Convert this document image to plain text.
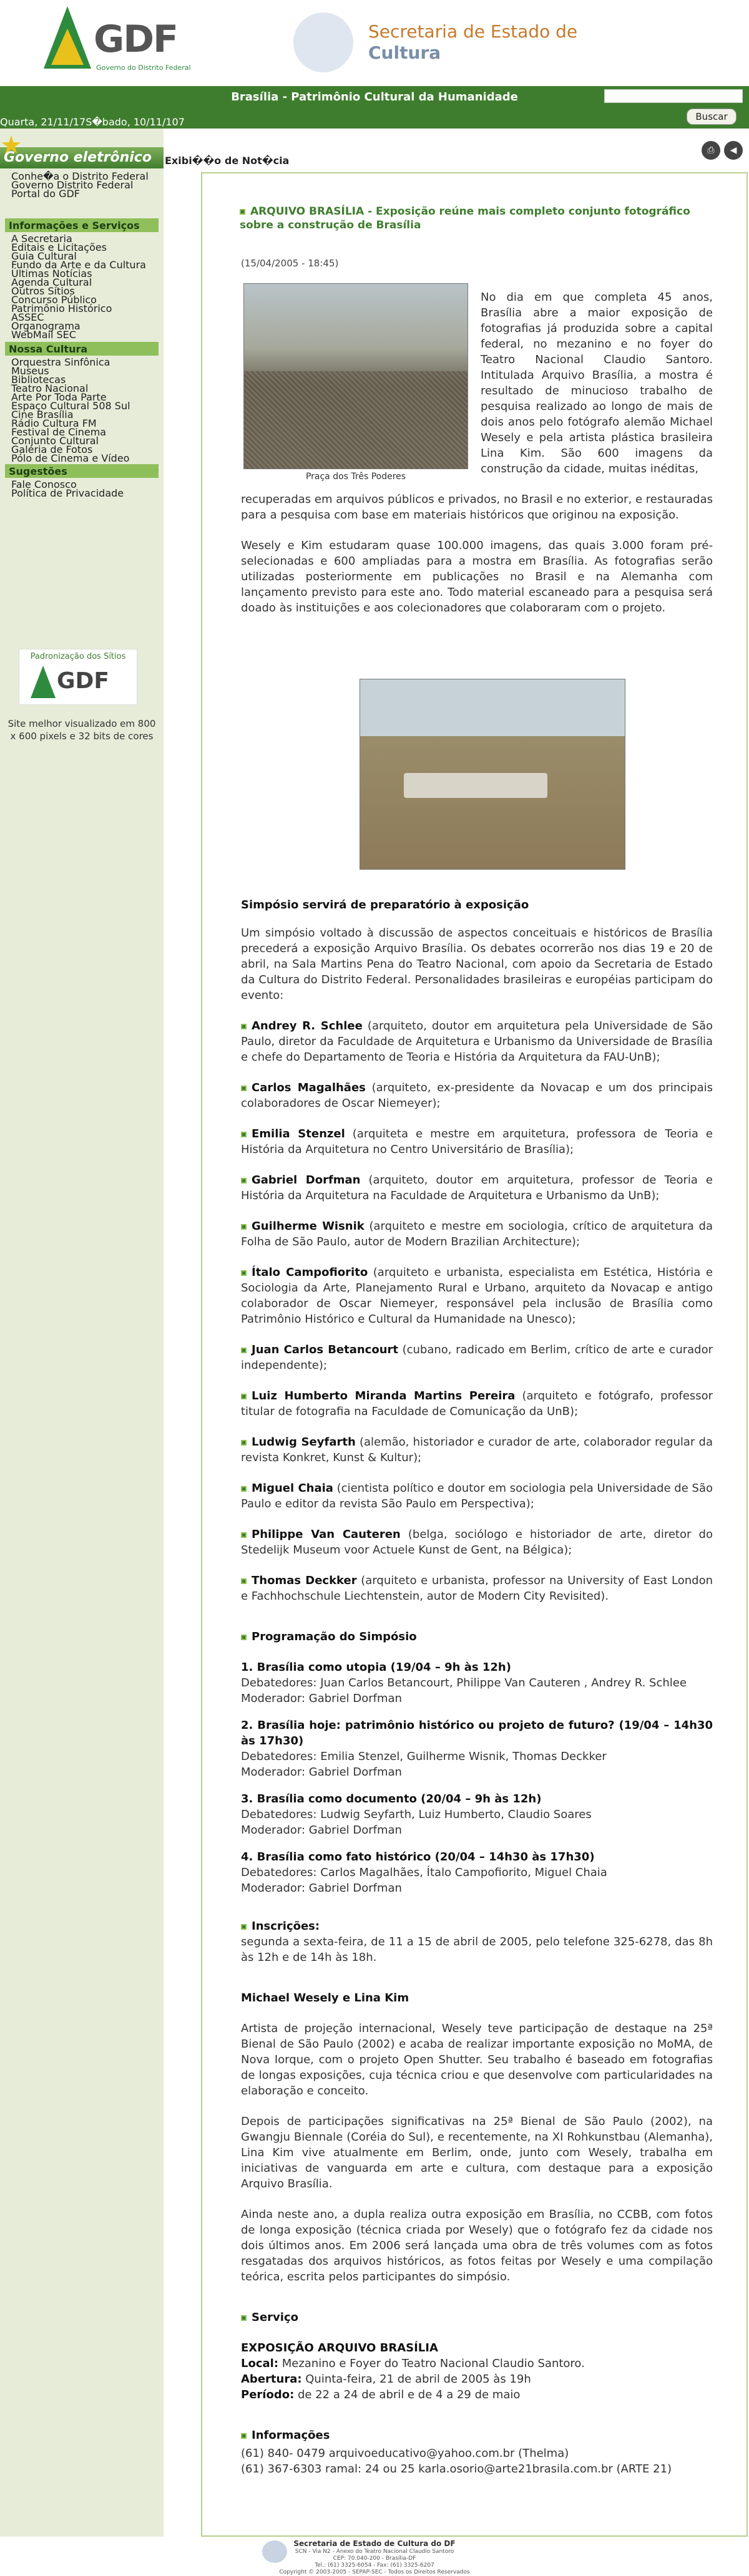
GDF
Governo do Distrito Federal
Secretaria de Estado de
Cultura
Brasília - Patrimônio Cultural da Humanidade
Quarta, 21/11/17S�bado, 10/11/107	Buscar
★
Governo eletrônico
Conhe�a o Distrito Federal
Governo Distrito Federal
Portal do GDF
Informações e Serviços
A Secretaria
Editais e Licitações
Guia Cultural
Fundo da Arte e da Cultura
Últimas Notícias
Agenda Cultural
Outros Sítios
Concurso Público
Patrimônio Histórico
ASSEC
Organograma
WebMail SEC
Nossa Cultura
Orquestra Sinfônica
Museus
Bibliotecas
Teatro Nacional
Arte Por Toda Parte
Espaço Cultural 508 Sul
Cine Brasília
Rádio Cultura FM
Festival de Cinema
Conjunto Cultural
Galeria de Fotos
Pólo de Cinema e Vídeo
Sugestões
Fale Conosco
Política de Privacidade
Padronização dos Sítios
GDF
Site melhor visualizado em 800 x 600 pixels e 32 bits de cores
Exibi��o de Not�cia
⎙	◀
ARQUIVO BRASÍLIA - Exposição reúne mais completo conjunto fotográfico sobre a construção de Brasília
(15/04/2005 - 18:45)
Praça dos Três Poderes
No dia em que completa 45 anos, Brasília abre a maior exposição de fotografias já produzida sobre a capital federal, no mezanino e no foyer do Teatro Nacional Claudio Santoro. Intitulada Arquivo Brasília, a mostra é resultado de minucioso trabalho de pesquisa realizado ao longo de mais de dois anos pelo fotógrafo alemão Michael Wesely e pela artista plástica brasileira Lina Kim. São 600 imagens da construção da cidade, muitas inéditas,

recuperadas em arquivos públicos e privados, no Brasil e no exterior, e restauradas para a pesquisa com base em materiais históricos que originou na exposição.

Wesely e Kim estudaram quase 100.000 imagens, das quais 3.000 foram pré-selecionadas e 600 ampliadas para a mostra em Brasília. As fotografias serão utilizadas posteriormente em publicações no Brasil e na Alemanha com lançamento previsto para este ano. Todo material escaneado para a pesquisa será doado às instituições e aos colecionadores que colaboraram com o projeto.

Simpósio servirá de preparatório à exposição

Um simpósio voltado à discussão de aspectos conceituais e históricos de Brasília precederá a exposição Arquivo Brasília. Os debates ocorrerão nos dias 19 e 20 de abril, na Sala Martins Pena do Teatro Nacional, com apoio da Secretaria de Estado da Cultura do Distrito Federal. Personalidades brasileiras e européias participam do evento:

Andrey R. Schlee (arquiteto, doutor em arquitetura pela Universidade de São Paulo, diretor da Faculdade de Arquitetura e Urbanismo da Universidade de Brasília e chefe do Departamento de Teoria e História da Arquitetura da FAU-UnB);

Carlos Magalhães (arquiteto, ex-presidente da Novacap e um dos principais colaboradores de Oscar Niemeyer);

Emilia Stenzel (arquiteta e mestre em arquitetura, professora de Teoria e História da Arquitetura no Centro Universitário de Brasília);

Gabriel Dorfman (arquiteto, doutor em arquitetura, professor de Teoria e História da Arquitetura na Faculdade de Arquitetura e Urbanismo da UnB);

Guilherme Wisnik (arquiteto e mestre em sociologia, crítico de arquitetura da Folha de São Paulo, autor de Modern Brazilian Architecture);

Ítalo Campofiorito (arquiteto e urbanista, especialista em Estética, História e Sociologia da Arte, Planejamento Rural e Urbano, arquiteto da Novacap e antigo colaborador de Oscar Niemeyer, responsável pela inclusão de Brasília como Patrimônio Histórico e Cultural da Humanidade na Unesco);

Juan Carlos Betancourt (cubano, radicado em Berlim, crítico de arte e curador independente);

Luiz Humberto Miranda Martins Pereira (arquiteto e fotógrafo, professor titular de fotografia na Faculdade de Comunicação da UnB);

Ludwig Seyfarth (alemão, historiador e curador de arte, colaborador regular da revista Konkret, Kunst & Kultur);

Miguel Chaia (cientista político e doutor em sociologia pela Universidade de São Paulo e editor da revista São Paulo em Perspectiva);

Philippe Van Cauteren (belga, sociólogo e historiador de arte, diretor do Stedelijk Museum voor Actuele Kunst de Gent, na Bélgica);

Thomas Deckker (arquiteto e urbanista, professor na University of East London e Fachhochschule Liechtenstein, autor de Modern City Revisited).

Programação do Simpósio

1. Brasília como utopia (19/04 – 9h às 12h)
Debatedores: Juan Carlos Betancourt, Philippe Van Cauteren , Andrey R. Schlee
Moderador: Gabriel Dorfman

2. Brasília hoje: patrimônio histórico ou projeto de futuro? (19/04 – 14h30 às 17h30)
Debatedores: Emilia Stenzel, Guilherme Wisnik, Thomas Deckker
Moderador: Gabriel Dorfman

3. Brasília como documento (20/04 – 9h às 12h)
Debatedores: Ludwig Seyfarth, Luiz Humberto, Claudio Soares
Moderador: Gabriel Dorfman

4. Brasília como fato histórico (20/04 – 14h30 às 17h30)
Debatedores: Carlos Magalhães, Ítalo Campofiorito, Miguel Chaia
Moderador: Gabriel Dorfman

Inscrições:
segunda a sexta-feira, de 11 a 15 de abril de 2005, pelo telefone 325-6278, das 8h às 12h e de 14h às 18h.

Michael Wesely e Lina Kim

Artista de projeção internacional, Wesely teve participação de destaque na 25ª Bienal de São Paulo (2002) e acaba de realizar importante exposição no MoMA, de Nova Iorque, com o projeto Open Shutter. Seu trabalho é baseado em fotografias de longas exposições, cuja técnica criou e que desenvolve com particularidades na elaboração e conceito.

Depois de participações significativas na 25ª Bienal de São Paulo (2002), na Gwangju Biennale (Coréia do Sul), e recentemente, na XI Rohkunstbau (Alemanha), Lina Kim vive atualmente em Berlim, onde, junto com Wesely, trabalha em iniciativas de vanguarda em arte e cultura, com destaque para a exposição Arquivo Brasília.

Ainda neste ano, a dupla realiza outra exposição em Brasília, no CCBB, com fotos de longa exposição (técnica criada por Wesely) que o fotógrafo fez da cidade nos dois últimos anos. Em 2006 será lançada uma obra de três volumes com as fotos resgatadas dos arquivos históricos, as fotos feitas por Wesely e uma compilação teórica, escrita pelos participantes do simpósio.

Serviço

EXPOSIÇÃO ARQUIVO BRASÍLIA
Local: Mezanino e Foyer do Teatro Nacional Claudio Santoro.
Abertura: Quinta-feira, 21 de abril de 2005 às 19h
Período: de 22 a 24 de abril e de 4 a 29 de maio

Informações

(61) 840- 0479 arquivoeducativo@yahoo.com.br (Thelma)
(61) 367-6303 ramal: 24 ou 25 karla.osorio@arte21brasila.com.br (ARTE 21)

Secretaria de Estado de Cultura do DF
SCN - Via N2 - Anexo do Teatro Nacional Claudio Santoro
CEP: 70.040-200 - Brasília-DF
Tel.: (61) 3325-6054 - Fax: (61) 3325-6207
Copyright © 2003-2005 - SEPAP-SEC - Todos os Direitos Reservados
